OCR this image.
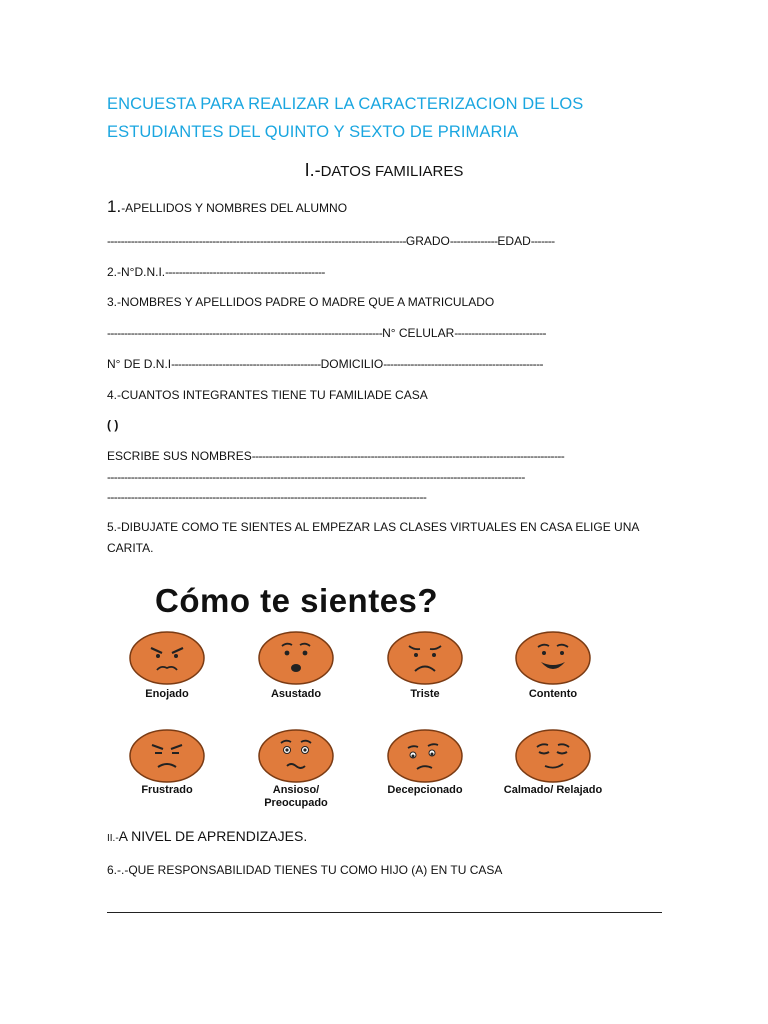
ENCUESTA PARA REALIZAR LA CARACTERIZACION DE LOS
ESTUDIANTES DEL QUINTO Y SEXTO DE PRIMARIA
I.-DATOS FAMILIARES
1.-APELLIDOS Y NOMBRES DEL ALUMNO
----------------------------------------------------------------------------------------GRADO--------------EDAD-------
2.-N°D.N.I.-----------------------------------------------
3.-NOMBRES Y APELLIDOS PADRE O MADRE QUE A MATRICULADO
---------------------------------------------------------------------------------N° CELULAR---------------------------
N° DE D.N.I--------------------------------------------DOMICILIO-----------------------------------------------
4.-CUANTOS INTEGRANTES TIENE TU FAMILIADE CASA
( )
ESCRIBE SUS NOMBRES--------------------------------------------------------------------------------------------
---------------------------------------------------------------------------------------------------------------------------
----------------------------------------------------------------------------------------------
5.-DIBUJATE COMO TE SIENTES AL EMPEZAR LAS CLASES VIRTUALES EN CASA ELIGE UNA
CARITA.
Cómo te sientes?
Enojado	Asustado	Triste	Contento
Frustrado	Ansioso/ Preocupado
Decepcionado	Calmado/ Relajado
II.-A NIVEL DE APRENDIZAJES.
6.-.-QUE RESPONSABILIDAD TIENES TU COMO HIJO (A) EN TU CASA
